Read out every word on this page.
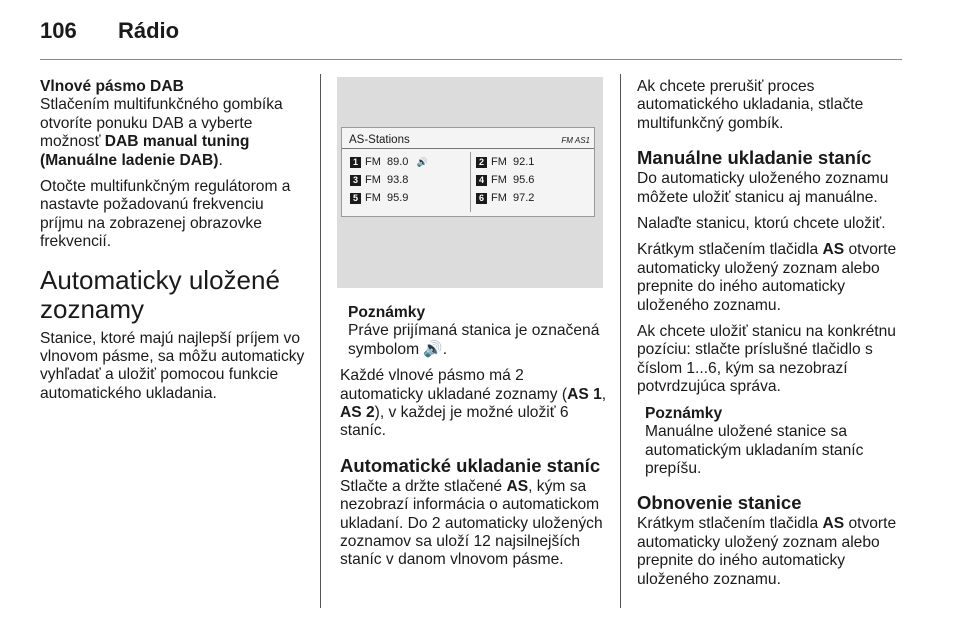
106 Rádio
Vlnové pásmo DAB

Stlačením multifunkčného gombíka otvoríte ponuku DAB a vyberte možnosť DAB manual tuning (Manuálne ladenie DAB).

Otočte multifunkčným regulátorom a nastavte požadovanú frekvenciu príjmu na zobrazenej obrazovke frekvencií.

Automaticky uložené zoznamy

Stanice, ktoré majú najlepší príjem vo vlnovom pásme, sa môžu automaticky vyhľadať a uložiť pomocou funkcie automatického ukladania.

AS-Stations	FM AS1
1 FM 89.0 🔊	2 FM 92.1
3 FM 93.8	4 FM 95.6
5 FM 95.9	6 FM 97.2
Poznámky

Práve prijímaná stanica je označená symbolom 🔊.

Každé vlnové pásmo má 2 automaticky ukladané zoznamy (AS 1, AS 2), v každej je možné uložiť 6 staníc.

Automatické ukladanie staníc

Stlačte a držte stlačené AS, kým sa nezobrazí informácia o automatickom ukladaní. Do 2 automaticky uložených zoznamov sa uloží 12 najsilnejších staníc v danom vlnovom pásme.

Ak chcete prerušiť proces automatického ukladania, stlačte multifunkčný gombík.

Manuálne ukladanie staníc

Do automaticky uloženého zoznamu môžete uložiť stanicu aj manuálne.

Nalaďte stanicu, ktorú chcete uložiť.

Krátkym stlačením tlačidla AS otvorte automaticky uložený zoznam alebo prepnite do iného automaticky uloženého zoznamu.

Ak chcete uložiť stanicu na konkrétnu pozíciu: stlačte príslušné tlačidlo s číslom 1...6, kým sa nezobrazí potvrdzujúca správa.

Poznámky

Manuálne uložené stanice sa automatickým ukladaním staníc prepíšu.

Obnovenie stanice

Krátkym stlačením tlačidla AS otvorte automaticky uložený zoznam alebo prepnite do iného automaticky uloženého zoznamu.
